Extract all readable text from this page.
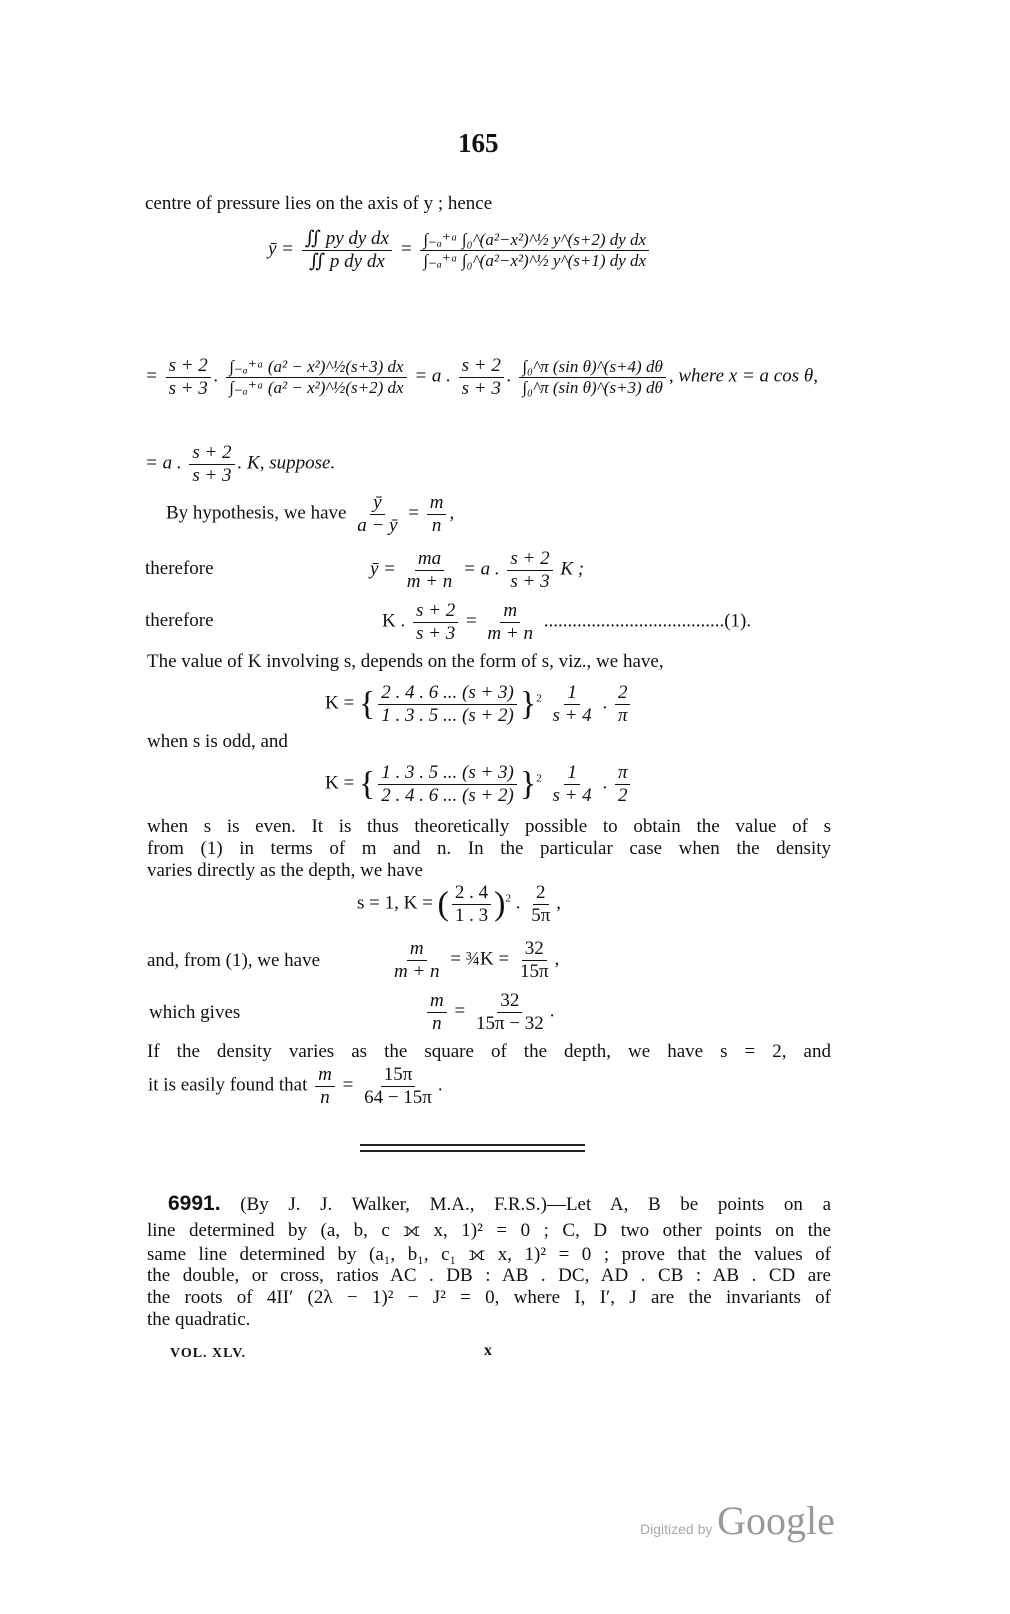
165
centre of pressure lies on the axis of y ; hence
ȳ = $\frac{\text{∬ py dy dx}}{\text{∬ p dy dx}} = \frac{\text{∫₋ₐ⁺ᵃ ∫₀\textasciicircum{}(a²−x²)\textasciicircum{}½ y\textasciicircum{}(s+2) dy dx}}{\text{∫₋ₐ⁺ᵃ ∫₀\textasciicircum{}(a²−x²)\textasciicircum{}½ y\textasciicircum{}(s+1) dy dx}}$
= $\frac{s + 2}{s + 3}$ . $\frac{\text{∫₋ₐ⁺ᵃ (a² − x²)\textasciicircum{}½(s+3) dx}}{\text{∫₋ₐ⁺ᵃ (a² − x²)\textasciicircum{}½(s+2) dx}} = a$ . $\frac{s + 2}{s + 3}$ . $\frac{\text{∫₀\textasciicircum{}π (sin θ)\textasciicircum{}(s+4) dθ}}{\text{∫₀\textasciicircum{}π (sin θ)\textasciicircum{}(s+3) dθ}}$ , where x = a cos θ,
= a . $\frac{s + 2}{s + 3}$ . K, suppose.
By hypothesis, we have $\frac{ȳ}{a - ȳ} = \frac{m}{n}$ ,
therefore	ȳ = $\frac{ma}{m + n} = a$ . $\frac{s + 2}{s + 3}$ K ;
therefore	K . $\frac{s + 2}{s + 3} = \frac{m}{m + n} ......................................(1)$.
The value of K involving s, depends on the form of s, viz., we have,
K = { $\frac{2 . 4 . 6 ... (s + 3)}{1 . 3 . 5 ... (s + 2)} \}^2 \frac{1}{s + 4}$ . $\frac{2}{\pi}$
when s is odd, and
K = { $\frac{1 . 3 . 5 ... (s + 3)}{2 . 4 . 6 ... (s + 2)} \}^2 \frac{1}{s + 4}$ . $\frac{\pi}{2}$
when s is even. It is thus theoretically possible to obtain the value of s
from (1) in terms of m and n. In the particular case when the density
varies directly as the depth, we have
s = 1, K = ( $\frac{2 . 4}{1 . 3} )^2$ . $\frac{2}{5\pi}$ ,
and, from (1), we have	$\frac{m}{m + n}$ = ¾K = $\frac{32}{15\pi}$ ,
which gives	$\frac{m}{n} = \frac{32}{15\pi - 32}$ .
If the density varies as the square of the depth, we have s = 2, and
it is easily found that $\frac{m}{n} = \frac{15\pi}{64 - 15\pi}$ .
6991. (By J. J. Walker, M.A., F.R.S.)—Let A, B be points on a
line determined by (a, b, c ⟗ x, 1)² = 0 ; C, D two other points on the
same line determined by (a₁, b₁, c₁ ⟗ x, 1)² = 0 ; prove that the values of
the double, or cross, ratios AC . DB : AB . DC, AD . CB : AB . CD are
the roots of 4II′ (2λ − 1)² − J² = 0, where I, I′, J are the invariants of
the quadratic.
VOL. XLV.	x
Digitized by Google
